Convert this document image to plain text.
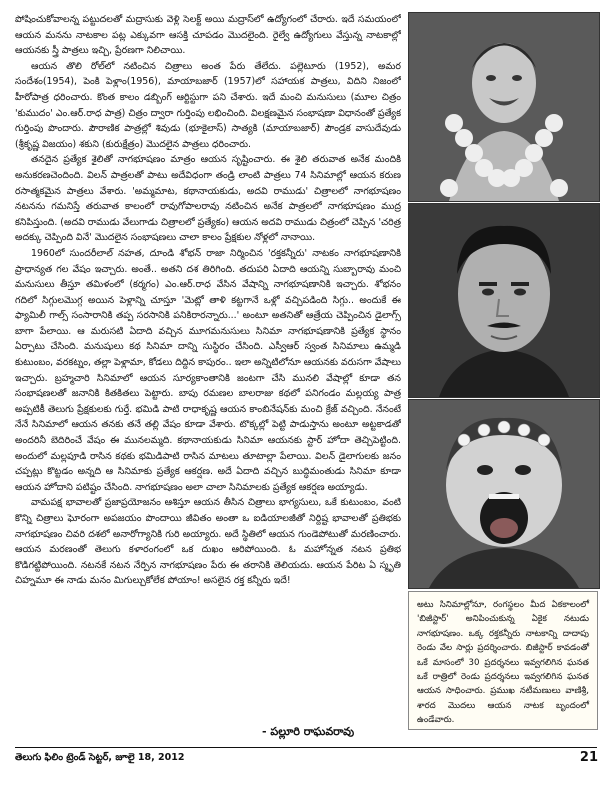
పోషించుకోవాలన్న పట్టుదలతో మద్రాసుకు వెళ్లి సెలక్ట్ అయి మద్రాస్‌లో ఉద్యోగంలో చేరారు. ఇదే సమయంలో ఆయన మనను నాటకాల పట్ల ఎక్కువగా ఆసక్తి చూపడం మొదలైంది. రైల్వే ఉద్యోగులు వేస్తున్న నాటకాల్లో ఆయనకు స్త్రీ పాత్రలు ఇచ్చి, ప్రేరణగా నిలిచాయి.

ఆయన తొలి రోల్‌లో నటించిన చిత్రాలు అంత పేరు తేలేదు. పల్లెటూరు (1952), అమర సందేశం(1954), పెంకి పెళ్లాం(1956), మాయాబజార్ (1957)లో సహాయక పాత్రలు, విదిని నిజంలో హీరోపాత్ర ధరించారు. కొంత కాలం డబ్బింగ్ ఆర్టిస్టుగా పని చేశారు. ఇదే మంచి మనుసులు (మూల చిత్రం 'కుముదం' ఎం.ఆర్.రాధ పాత్ర) చిత్రం ద్వారా గుర్తింపు లభించింది. విలక్షణమైన సంభాషణా విధానంతో ప్రత్యేక గుర్తింపు పొందారు. పౌరాణిక పాత్రల్లో శివుడు (భూకైలాస్) సాత్యకి (మాయాబజార్) పౌండ్రక వాసుదేవుడు (శ్రీకృష్ణ విజయం) శకుని (కురుక్షేత్రం) మొదలైన పాత్రలు ధరించారు.

తనదైన ప్రత్యేక శైలితో నాగభూషణం మాత్రం ఆయన సృష్టించారు. ఈ శైలి తరువాత అనేక మందికి అనుకరణచెందింది. విలన్ పాత్రలతో పాటు అదేవిధంగా తండ్రి లాంటి పాత్రలు 74 సినిమాల్లో ఆయన కరుణ రసాత్మకమైన పాత్రలు వేశారు. 'అమ్మమాట, కథానాయకుడు, అదవి రాముడు' చిత్రాలలో నాగభూషణం నటనను గమనిస్తే తరువాత కాలంలో రావుగోపాలరావు నటించిన అనేక పాత్రలలో నాగభూషణం ముద్ర కనిపిస్తుంది. (అదవి రాముడు వేలుగాడు చిత్రాలలో ప్రత్యేకం) ఆయన అదవి రాముడు చిత్రంలో చెప్పిన 'చరిత్ర అదక్కు చెప్పింది వినే' మొదలైన సంభాషణలు చాలా కాలం ప్రేక్షకుల నోళ్లలో నానాయి.

1960లో సుందరీలాల్ నహత, దూండి శోభన్ రాజా నిర్మించిన 'రక్తకన్నీరు' నాటకం నాగభూషణానికి ప్రాధాన్యత గల వేషం ఇచ్చారు. అంతే.. అతని దశ తిరిగింది. తదుపరి ఏదాది ఆయన్ని సుబ్బారావు మంచి మనుసులు తీస్తూ తమిళంలో (కర్మగం) ఎం.ఆర్.రాధ వేసిన వేషాన్ని నాగభూషణానికి ఇచ్చారు. శోభనం గదిలో సిగ్గులమొగ్గ అయిన పెళ్లాన్ని చూస్తూ 'మెట్లో తాళి కట్టగానే ఒళ్లో వచ్చిపడింది సిగ్గు.. అందుకే ఈ ఫ్యామిలీ గాల్స్ సంసారానికి తప్ప సరసానికి పనికిరారన్నారు...' అంటూ అతనితో ఆత్రేయ చెప్పించిన డైలాగ్స్ బాగా పేలాయి. ఆ మరుసటి ఏదాది వచ్చిన మూగమనుసులు సినిమా నాగభూషణానికి ప్రత్యేక స్థానం ఏర్పాటు చేసింది. మనుషులు కథ సినిమా దాన్ని సుస్థిరం చేసింది. ఎస్వీఆర్ స్వంత సినిమాలు ఉమ్మడి కుటుంబం, వరకట్నం, తల్లా పెళ్లామా, కోడలు దిద్దిన కాపురం.. ఇలా అన్నిటిలోనూ ఆయనకు వరుసగా వేషాలు ఇచ్చారు. బ్రహ్మచారి సినిమాలో ఆయన సూర్యకాంతానికి జంటగా చేసి మునలి వేషాల్లో కూడా తన సంభాషణలతో జనానికి కితకితలు పెట్టారు. బాపు రమణల బాలరాజు కథలో పనిగండం మల్లయ్య పాత్ర అప్పటికీ తెలుగు ప్రేక్షకులకు గుర్తే. భమిడి పాటి రాధాకృష్ణ ఆయన కాంబినేషన్‌కు మంచి క్రేజ్ వచ్చింది. నేనంటే నేనే సినిమాలో ఆయన తనకు తనే తల్లి వేషం కూడా వేశారు. టొక్కల్లో పెట్టి పాడుస్తాను అంటూ అట్టకాడతో అందరినీ బెదిరించే వేషం ఈ మునలమ్మది. కథానాయకుడు సినిమా ఆయనకు స్టార్ హోదా తెచ్చిపెట్టింది. అందులో మల్లపూడి రాసిన కథకు భమిడిపాటి రాసిన మాటలు తూటాల్లా పేలాయి. విలన్ డైలాగులకు జనం చప్పట్లు కొట్టడం అన్నది ఆ సినిమాకు ప్రత్యేక ఆకర్షణ. అదే ఏదాది వచ్చిన బుద్ధిమంతుడు సినిమా కూడా ఆయన హోదాని పటిష్టం చేసింది. నాగభూషణం అలా చాలా సినిమాలకు ప్రత్యేక ఆకర్షణ అయ్యాడు.

వామపక్ష భావాలతో ప్రజాప్రయోజనం ఆశిస్తూ ఆయన తీసిన చిత్రాలు భాగ్యసులు, ఒకే కుటుంబం, వంటి కొన్ని చిత్రాలు ఘోరంగా అపజయం పొందాయి జీవితం అంతా ఒ ఐడియాలజీతో నిర్దిష్ట భావాలతో ప్రతిభకు నాగభూషణం చివరి దశలో అనారోగ్యానికి గురి అయ్యారు. అదే స్థితిలో ఆయన గుండెపోటుతో మరణించారు. ఆయన మరణంతో తెలుగు కళారంగంలో ఒక దుఖం ఆరిపోయింది. ఓ మహోన్నత నటన ప్రతిభ కొడిగట్టిపోయింది. నటనకే నటన నేర్పిన నాగభూషణం పేరు ఈ తరానికి తెలియదు. ఆయన పేరిట ఏ స్మృతి చిహ్నమూ ఈ నాడు మనం మిగుల్చుకోలేక పోయాం! అసలైన రక్త కన్నీరు ఇదే!

- పల్లూరి రాఘవరావు
అటు సినిమాల్లోనూ, రంగస్థలం మీద ఏకకాలంలో 'బిజీస్టార్' అనిపించుకున్న ఏకైక నటుడు నాగభూషణం. ఒక్క రక్తకన్నీరు నాటకాన్ని దాదాపు రెండు వేల సార్లు ప్రదర్శించారు. బిజీస్టార్ కావడంతో ఒకే మాసంలో 30 ప్రదర్శనలు ఇవ్వగలిగిన ఘనత ఒకే రాత్రిలో రెండు ప్రదర్శనలు ఇవ్వగలిగిన ఘనత ఆయన సాధించారు. ప్రముఖ నటీమణులు వాణిశ్రీ, శారద మొదలు ఆయన నాటక బృందంలో ఉండేవారు.
తెలుగు ఫిలిం ట్రెండ్ సెట్టర్, జూలై 18, 2012	21
